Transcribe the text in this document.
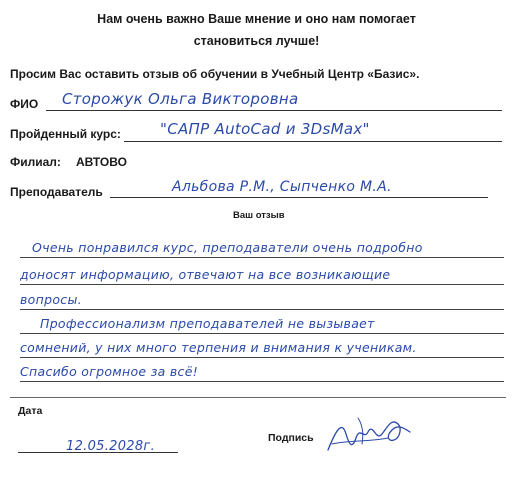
Нам очень важно Ваше мнение и оно нам помогает
становиться лучше!
Просим Вас оставить отзыв об обучении в Учебный Центр «Базис».
ФИО Сторожук Ольга Викторовна
Пройденный курс:	"САПР AutoCad и 3DsMax"
Филиал: АВТОВО
Преподаватель	Альбова Р.М., Сыпченко М.А.
Ваш отзыв
Очень понравился курс, преподаватели очень подробно
доносят информацию, отвечают на все возникающие
вопросы.
Профессионализм преподавателей не вызывает
сомнений, у них много терпения и внимания к ученикам.
Спасибо огромное за всё!
Дата
12.05.2028г.
Подпись
